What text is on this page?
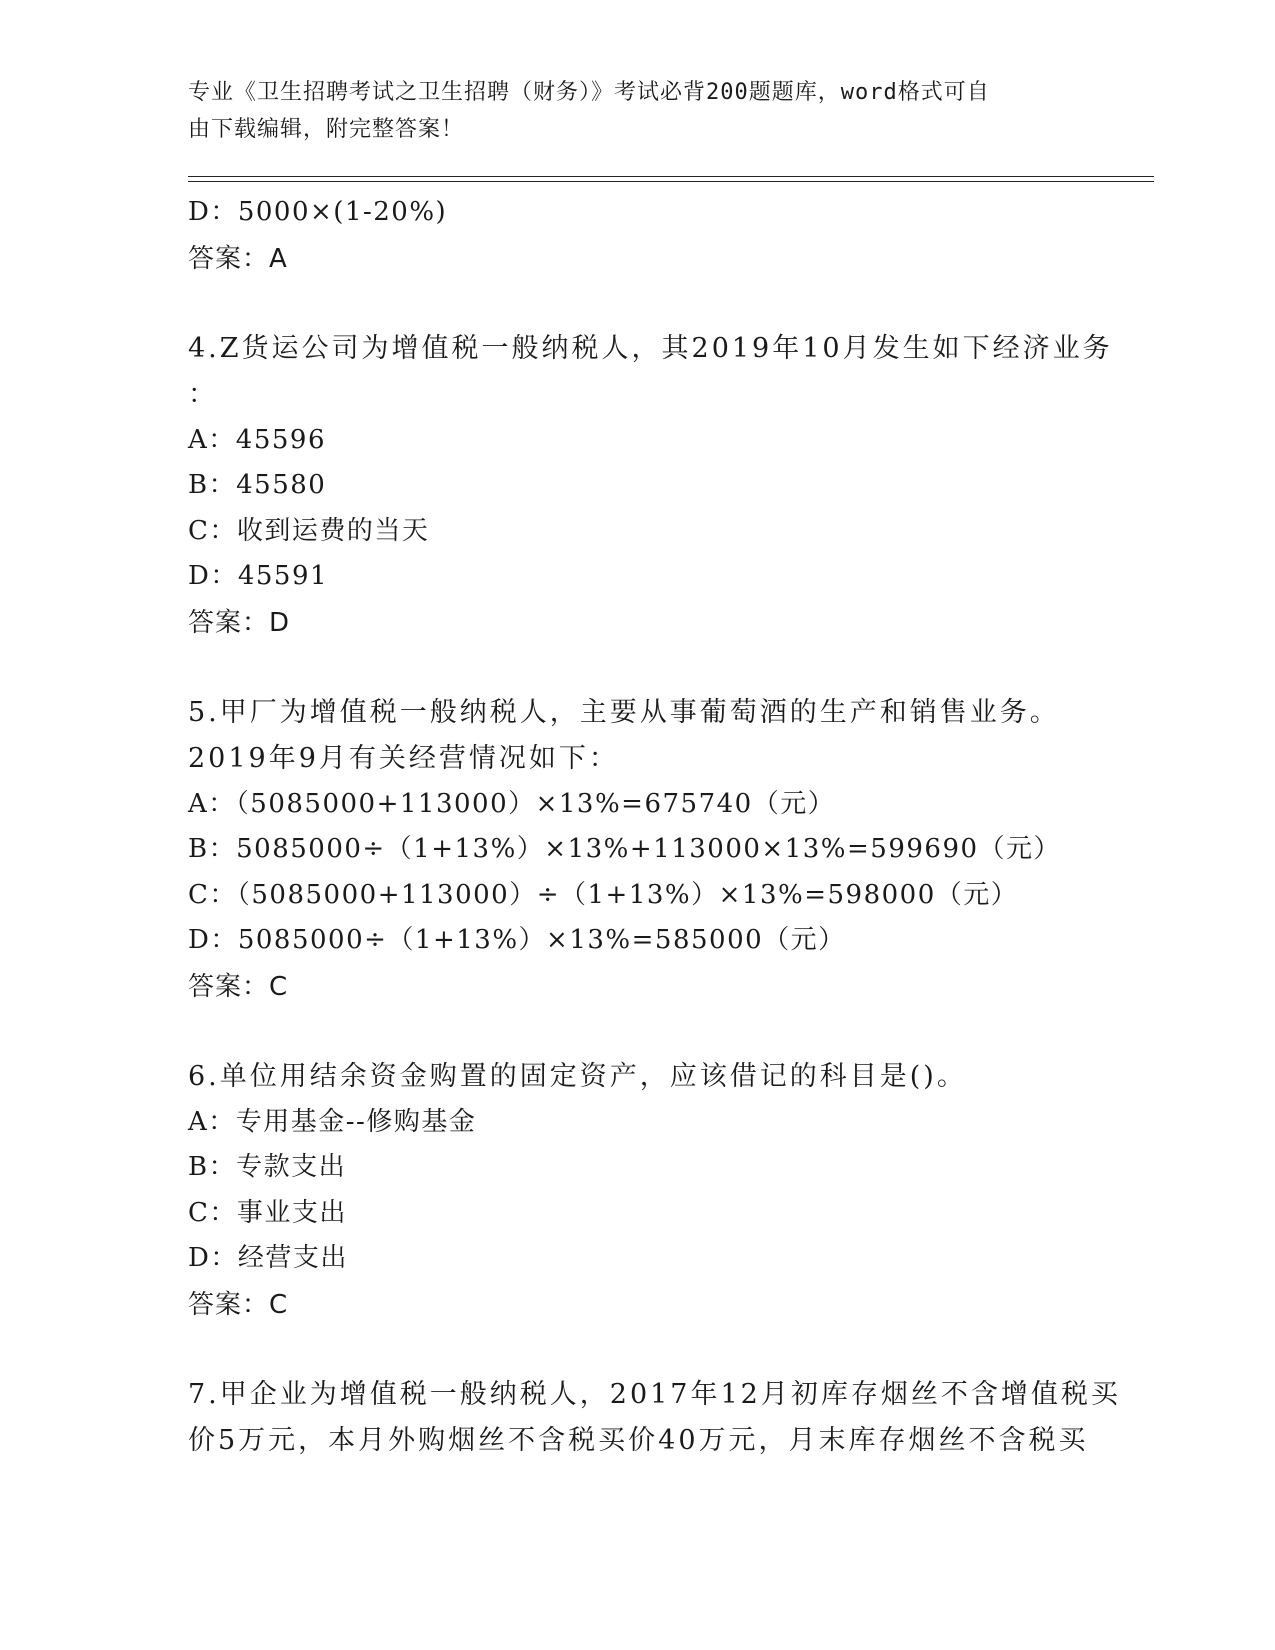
专业《卫生招聘考试之卫生招聘（财务）》考试必背200题题库，word格式可自
由下载编辑，附完整答案！
D：5000×(1-20%)
答案：A
4.Z货运公司为增值税一般纳税人，其2019年10月发生如下经济业务
：
A：45596
B：45580
C：收到运费的当天
D：45591
答案：D
5.甲厂为增值税一般纳税人，主要从事葡萄酒的生产和销售业务。
2019年9月有关经营情况如下：
A：（5085000+113000）×13%=675740（元）
B：5085000÷（1+13%）×13%+113000×13%=599690（元）
C：（5085000+113000）÷（1+13%）×13%=598000（元）
D：5085000÷（1+13%）×13%=585000（元）
答案：C
6.单位用结余资金购置的固定资产，应该借记的科目是()。
A：专用基金--修购基金
B：专款支出
C：事业支出
D：经营支出
答案：C
7.甲企业为增值税一般纳税人，2017年12月初库存烟丝不含增值税买
价5万元，本月外购烟丝不含税买价40万元，月末库存烟丝不含税买
